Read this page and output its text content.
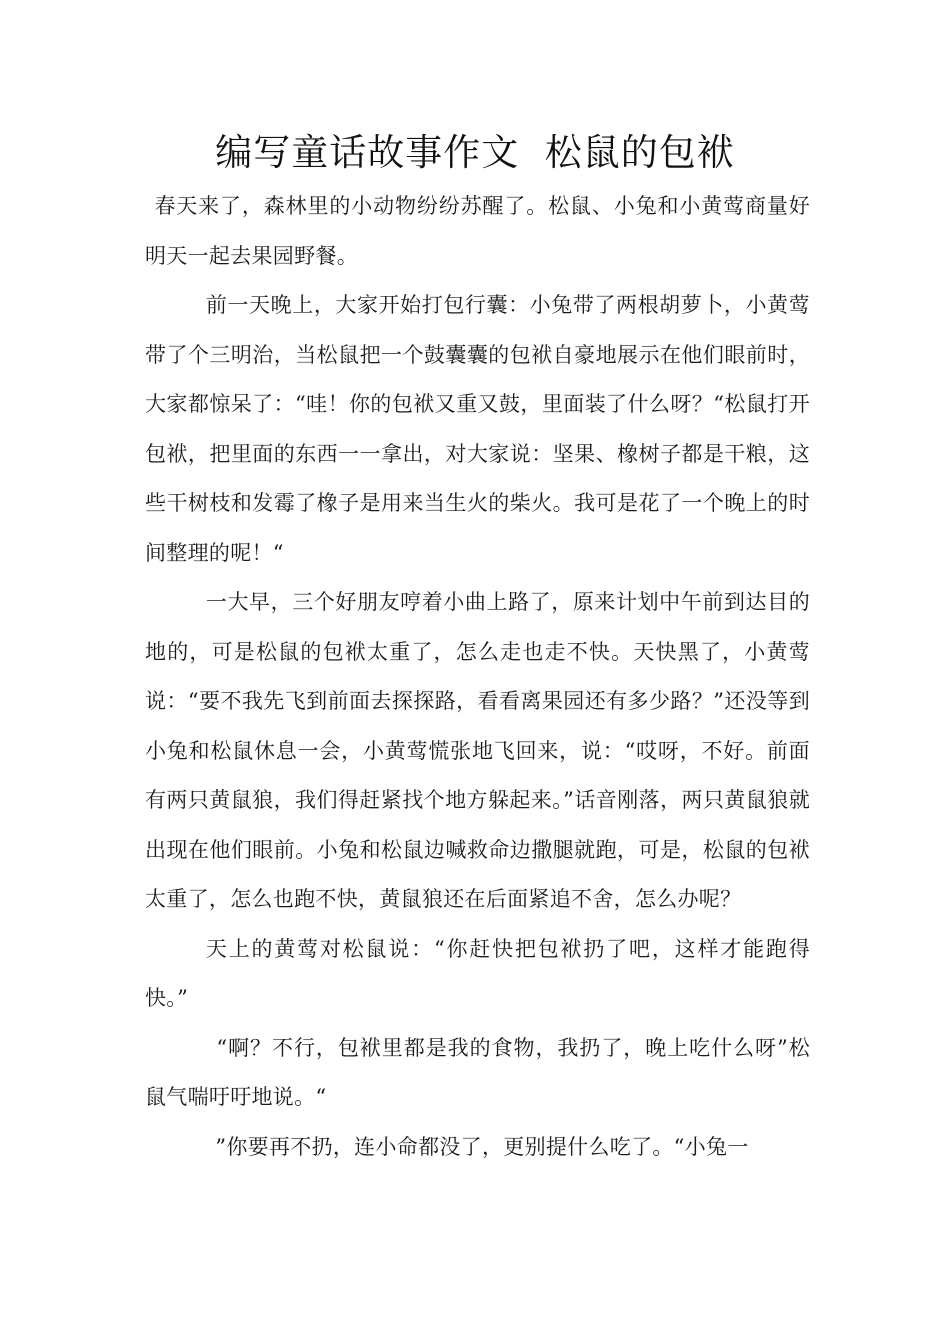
编写童话故事作文  松鼠的包袱

春天来了，森林里的小动物纷纷苏醒了。松鼠、小兔和小黄莺商量好明天一起去果园野餐。

前一天晚上，大家开始打包行囊：小兔带了两根胡萝卜，小黄莺带了个三明治，当松鼠把一个鼓囊囊的包袱自豪地展示在他们眼前时，大家都惊呆了：“哇！你的包袱又重又鼓，里面装了什么呀？“松鼠打开包袱，把里面的东西一一拿出，对大家说：坚果、橡树子都是干粮，这些干树枝和发霉了橡子是用来当生火的柴火。我可是花了一个晚上的时间整理的呢！“

一大早，三个好朋友哼着小曲上路了，原来计划中午前到达目的地的，可是松鼠的包袱太重了，怎么走也走不快。天快黑了，小黄莺说：“要不我先飞到前面去探探路，看看离果园还有多少路？”还没等到小兔和松鼠休息一会，小黄莺慌张地飞回来，说：“哎呀，不好。前面有两只黄鼠狼，我们得赶紧找个地方躲起来。”话音刚落，两只黄鼠狼就出现在他们眼前。小兔和松鼠边喊救命边撒腿就跑，可是，松鼠的包袱太重了，怎么也跑不快，黄鼠狼还在后面紧追不舍，怎么办呢？

天上的黄莺对松鼠说：“你赶快把包袱扔了吧，这样才能跑得快。”

“啊？不行，包袱里都是我的食物，我扔了，晚上吃什么呀”松鼠气喘吁吁地说。“

”你要再不扔，连小命都没了，更别提什么吃了。“小兔一
